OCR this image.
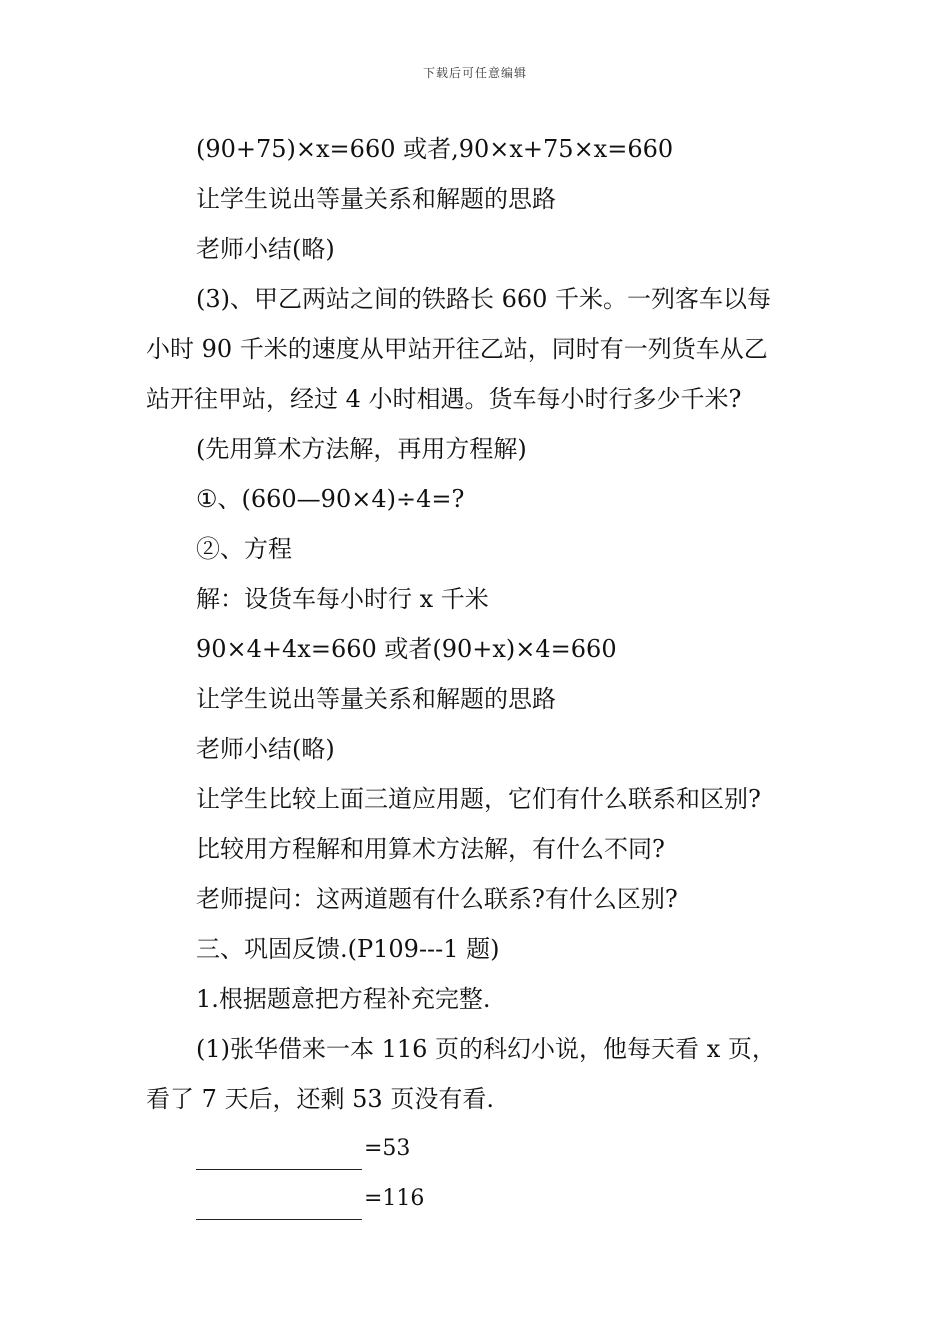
下载后可任意编辑

(90+75)×x=660 或者,90×x+75×x=660

让学生说出等量关系和解题的思路

老师小结(略)

(3)、甲乙两站之间的铁路长 660 千米。一列客车以每

小时 90 千米的速度从甲站开往乙站，同时有一列货车从乙

站开往甲站，经过 4 小时相遇。货车每小时行多少千米?

(先用算术方法解，再用方程解)

①、(660—90×4)÷4=?

②、方程

解：设货车每小时行 x 千米

90×4+4x=660 或者(90+x)×4=660

让学生说出等量关系和解题的思路

老师小结(略)

让学生比较上面三道应用题，它们有什么联系和区别?

比较用方程解和用算术方法解，有什么不同?

老师提问：这两道题有什么联系?有什么区别?

三、巩固反馈.(P109---1 题)

1.根据题意把方程补充完整.

(1)张华借来一本 116 页的科幻小说，他每天看 x 页，

看了 7 天后，还剩 53 页没有看.

=53

=116
